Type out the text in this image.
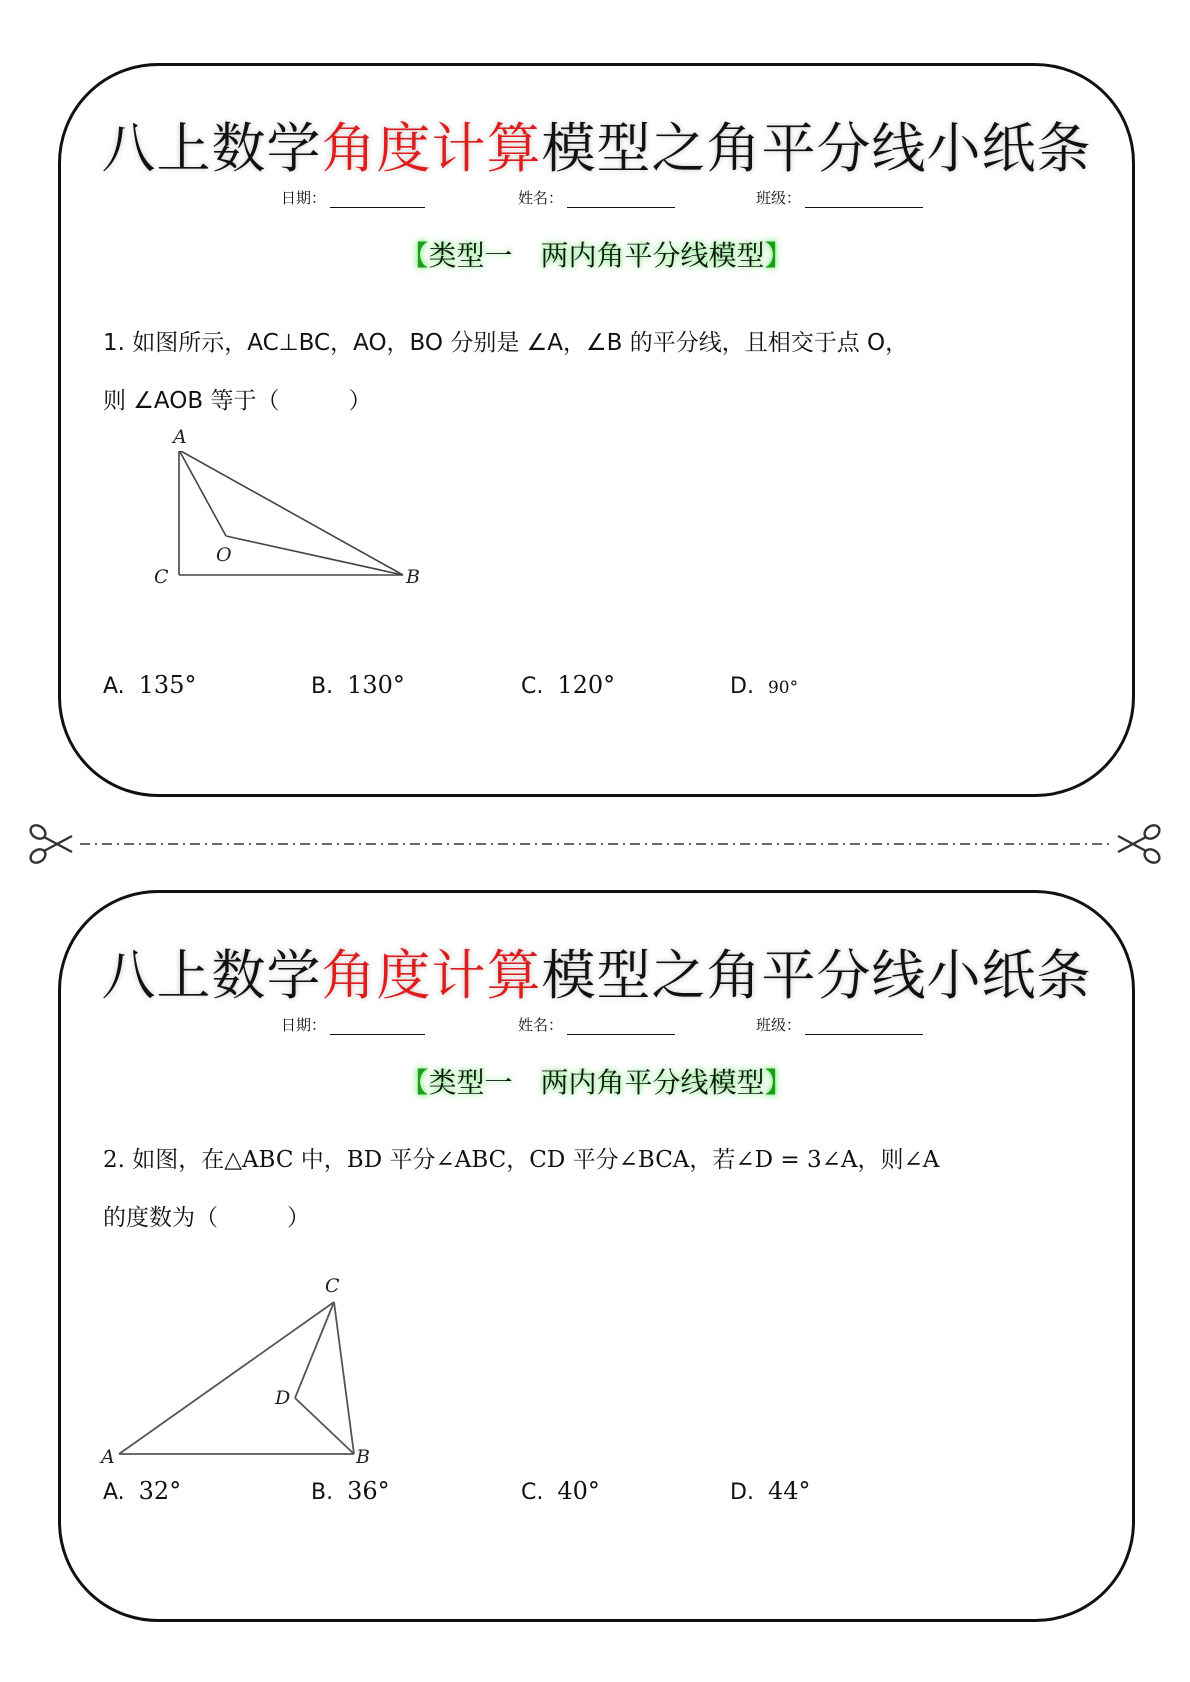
八上数学角度计算模型之角平分线小纸条
日期：	姓名：	班级：
【类型一　两内角平分线模型】
1. 如图所示，AC⊥BC，AO，BO 分别是 ∠A，∠B 的平分线，且相交于点 O，
则 ∠AOB 等于（　　　）
A
O
C	B
A. 135°	B. 130°	C. 120°	D. 90°
八上数学角度计算模型之角平分线小纸条
日期：	姓名：	班级：
【类型一　两内角平分线模型】
2. 如图，在△ABC 中，BD 平分∠ABC，CD 平分∠BCA，若∠D = 3∠A，则∠A
的度数为（　　　）
C
D
A	B
A. 32°	B. 36°	C. 40°	D. 44°
